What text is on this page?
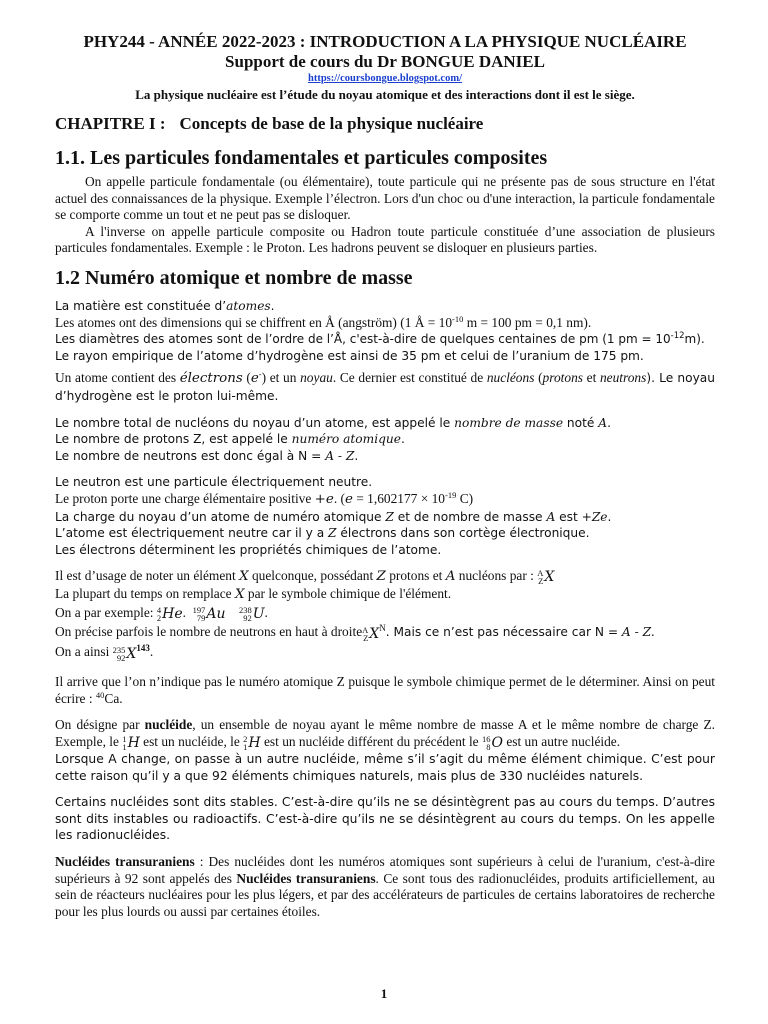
PHY244 - ANNÉE 2022-2023 : INTRODUCTION A LA PHYSIQUE NUCLÉAIRE
Support de cours du Dr BONGUE DANIEL
https://coursbongue.blogspot.com/
La physique nucléaire est l’étude du noyau atomique et des interactions dont il est le siège.
CHAPITRE I : Concepts de base de la physique nucléaire
1.1. Les particules fondamentales et particules composites

On appelle particule fondamentale (ou élémentaire), toute particule qui ne présente pas de sous structure en l'état actuel des connaissances de la physique. Exemple l’électron. Lors d'un choc ou d'une interaction, la particule fondamentale se comporte comme un tout et ne peut pas se disloquer.

A l'inverse on appelle particule composite ou Hadron toute particule constituée d’une association de plusieurs particules fondamentales. Exemple : le Proton. Les hadrons peuvent se disloquer en plusieurs parties.

1.2 Numéro atomique et nombre de masse
La matière est constituée d’atomes.
Les atomes ont des dimensions qui se chiffrent en Å (angström) (1 Å = $10^{-10}$ m = 100 pm = 0,1 nm).
Les diamètres des atomes sont de l’ordre de l’Å, c'est-à-dire de quelques centaines de pm (1 pm = $10^{-12}m$).
Le rayon empirique de l’atome d’hydrogène est ainsi de 35 pm et celui de l’uranium de 175 pm.

Un atome contient des électrons (e-) et un noyau. Ce dernier est constitué de nucléons (protons et neutrons). Le noyau d’hydrogène est le proton lui-même.

Le nombre total de nucléons du noyau d’un atome, est appelé le nombre de masse noté A.
Le nombre de protons Z, est appelé le numéro atomique.
Le nombre de neutrons est donc égal à N = A - Z.
Le neutron est une particule électriquement neutre.
Le proton porte une charge élémentaire positive +e. ($e = 1,602177 \times 10^{-19}$ C)
La charge du noyau d’un atome de numéro atomique Z et de nombre de masse A est +Ze.
L’atome est électriquement neutre car il y a Z électrons dans son cortège électronique.
Les électrons déterminent les propriétés chimiques de l’atome.
Il est d’usage de noter un élément X quelconque, possédant Z protons et A nucléons par : A
Z X
La plupart du temps on remplace X par le symbole chimique de l'élément.
On a par exemple: 4
2 He. 197
79 Au 238
92 U.
On précise parfois le nombre de neutrons en haut à droite A
Z $X^N$. Mais ce n’est pas nécessaire car N = A - Z.
On a ainsi 235
92 $X^{143}$.

Il arrive que l’on n’indique pas le numéro atomique Z puisque le symbole chimique permet de le déterminer. Ainsi on peut écrire : $^{40}$Ca.

On désigne par nucléide, un ensemble de noyau ayant le même nombre de masse A et le même nombre de charge Z. Exemple, le 1
1 H est un nucléide, le 2
1 H est un nucléide différent du précédent le 16
8 O est un autre nucléide.

Lorsque A change, on passe à un autre nucléide, même s’il s’agit du même élément chimique. C’est pour cette raison qu’il y a que 92 éléments chimiques naturels, mais plus de 330 nucléides naturels.

Certains nucléides sont dits stables. C’est-à-dire qu’ils ne se désintègrent pas au cours du temps. D’autres sont dits instables ou radioactifs. C’est-à-dire qu’ils ne se désintègrent au cours du temps. On les appelle les radionucléides.

Nucléides transuraniens : Des nucléides dont les numéros atomiques sont supérieurs à celui de l'uranium, c'est-à-dire supérieurs à 92 sont appelés des Nucléides transuraniens. Ce sont tous des radionucléides, produits artificiellement, au sein de réacteurs nucléaires pour les plus légers, et par des accélérateurs de particules de certains laboratoires de recherche pour les plus lourds ou aussi par certaines étoiles.

1
